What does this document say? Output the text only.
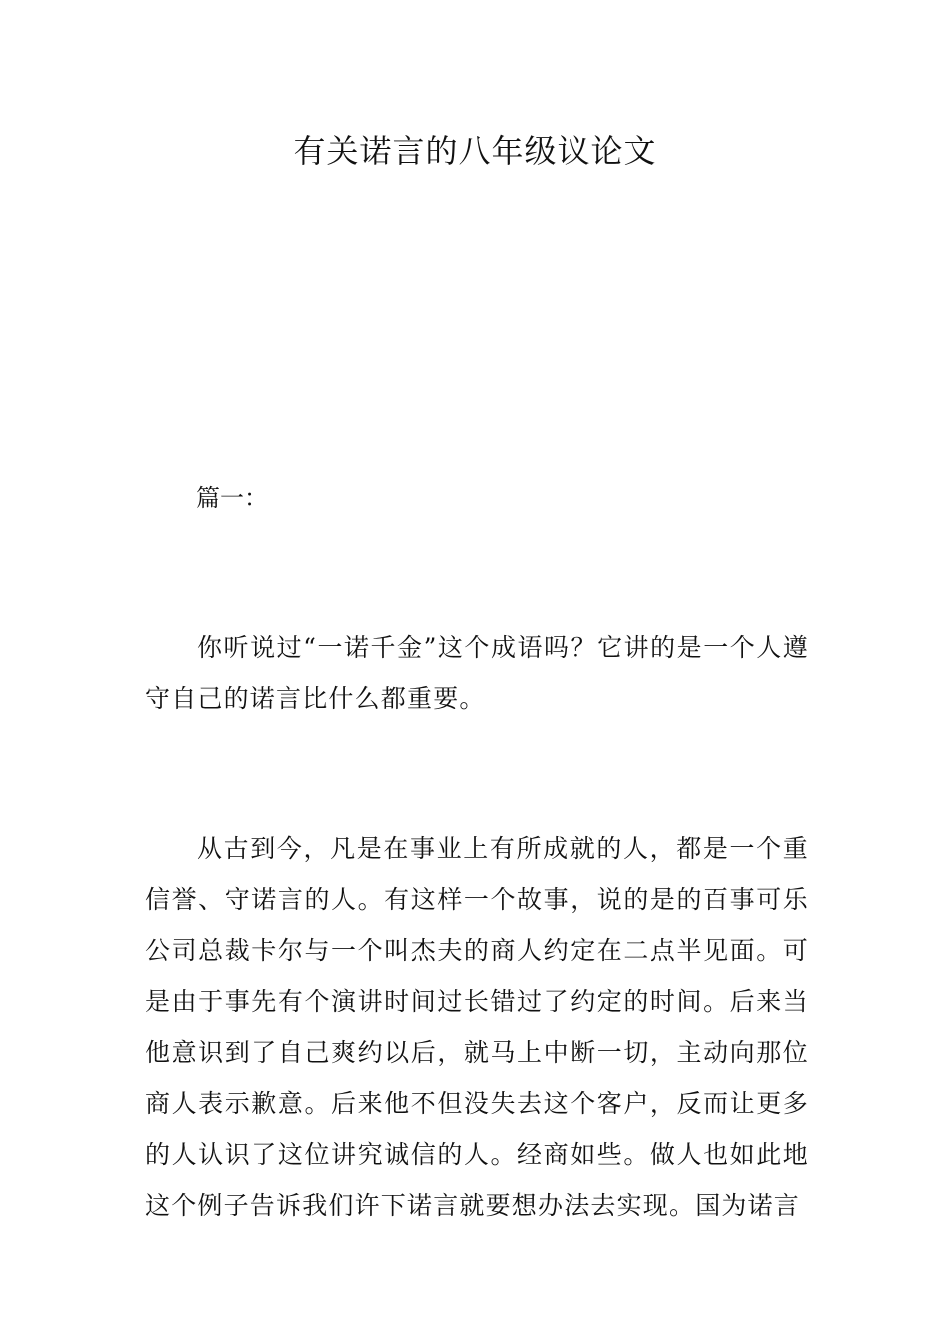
有关诺言的八年级议论文

篇一：

你听说过“一诺千金”这个成语吗？它讲的是一个人遵守自己的诺言比什么都重要。

从古到今，凡是在事业上有所成就的人，都是一个重信誉、守诺言的人。有这样一个故事，说的是的百事可乐公司总裁卡尔与一个叫杰夫的商人约定在二点半见面。可是由于事先有个演讲时间过长错过了约定的时间。后来当他意识到了自己爽约以后，就马上中断一切，主动向那位商人表示歉意。后来他不但没失去这个客户，反而让更多的人认识了这位讲究诚信的人。经商如些。做人也如此地这个例子告诉我们许下诺言就要想办法去实现。国为诺言
